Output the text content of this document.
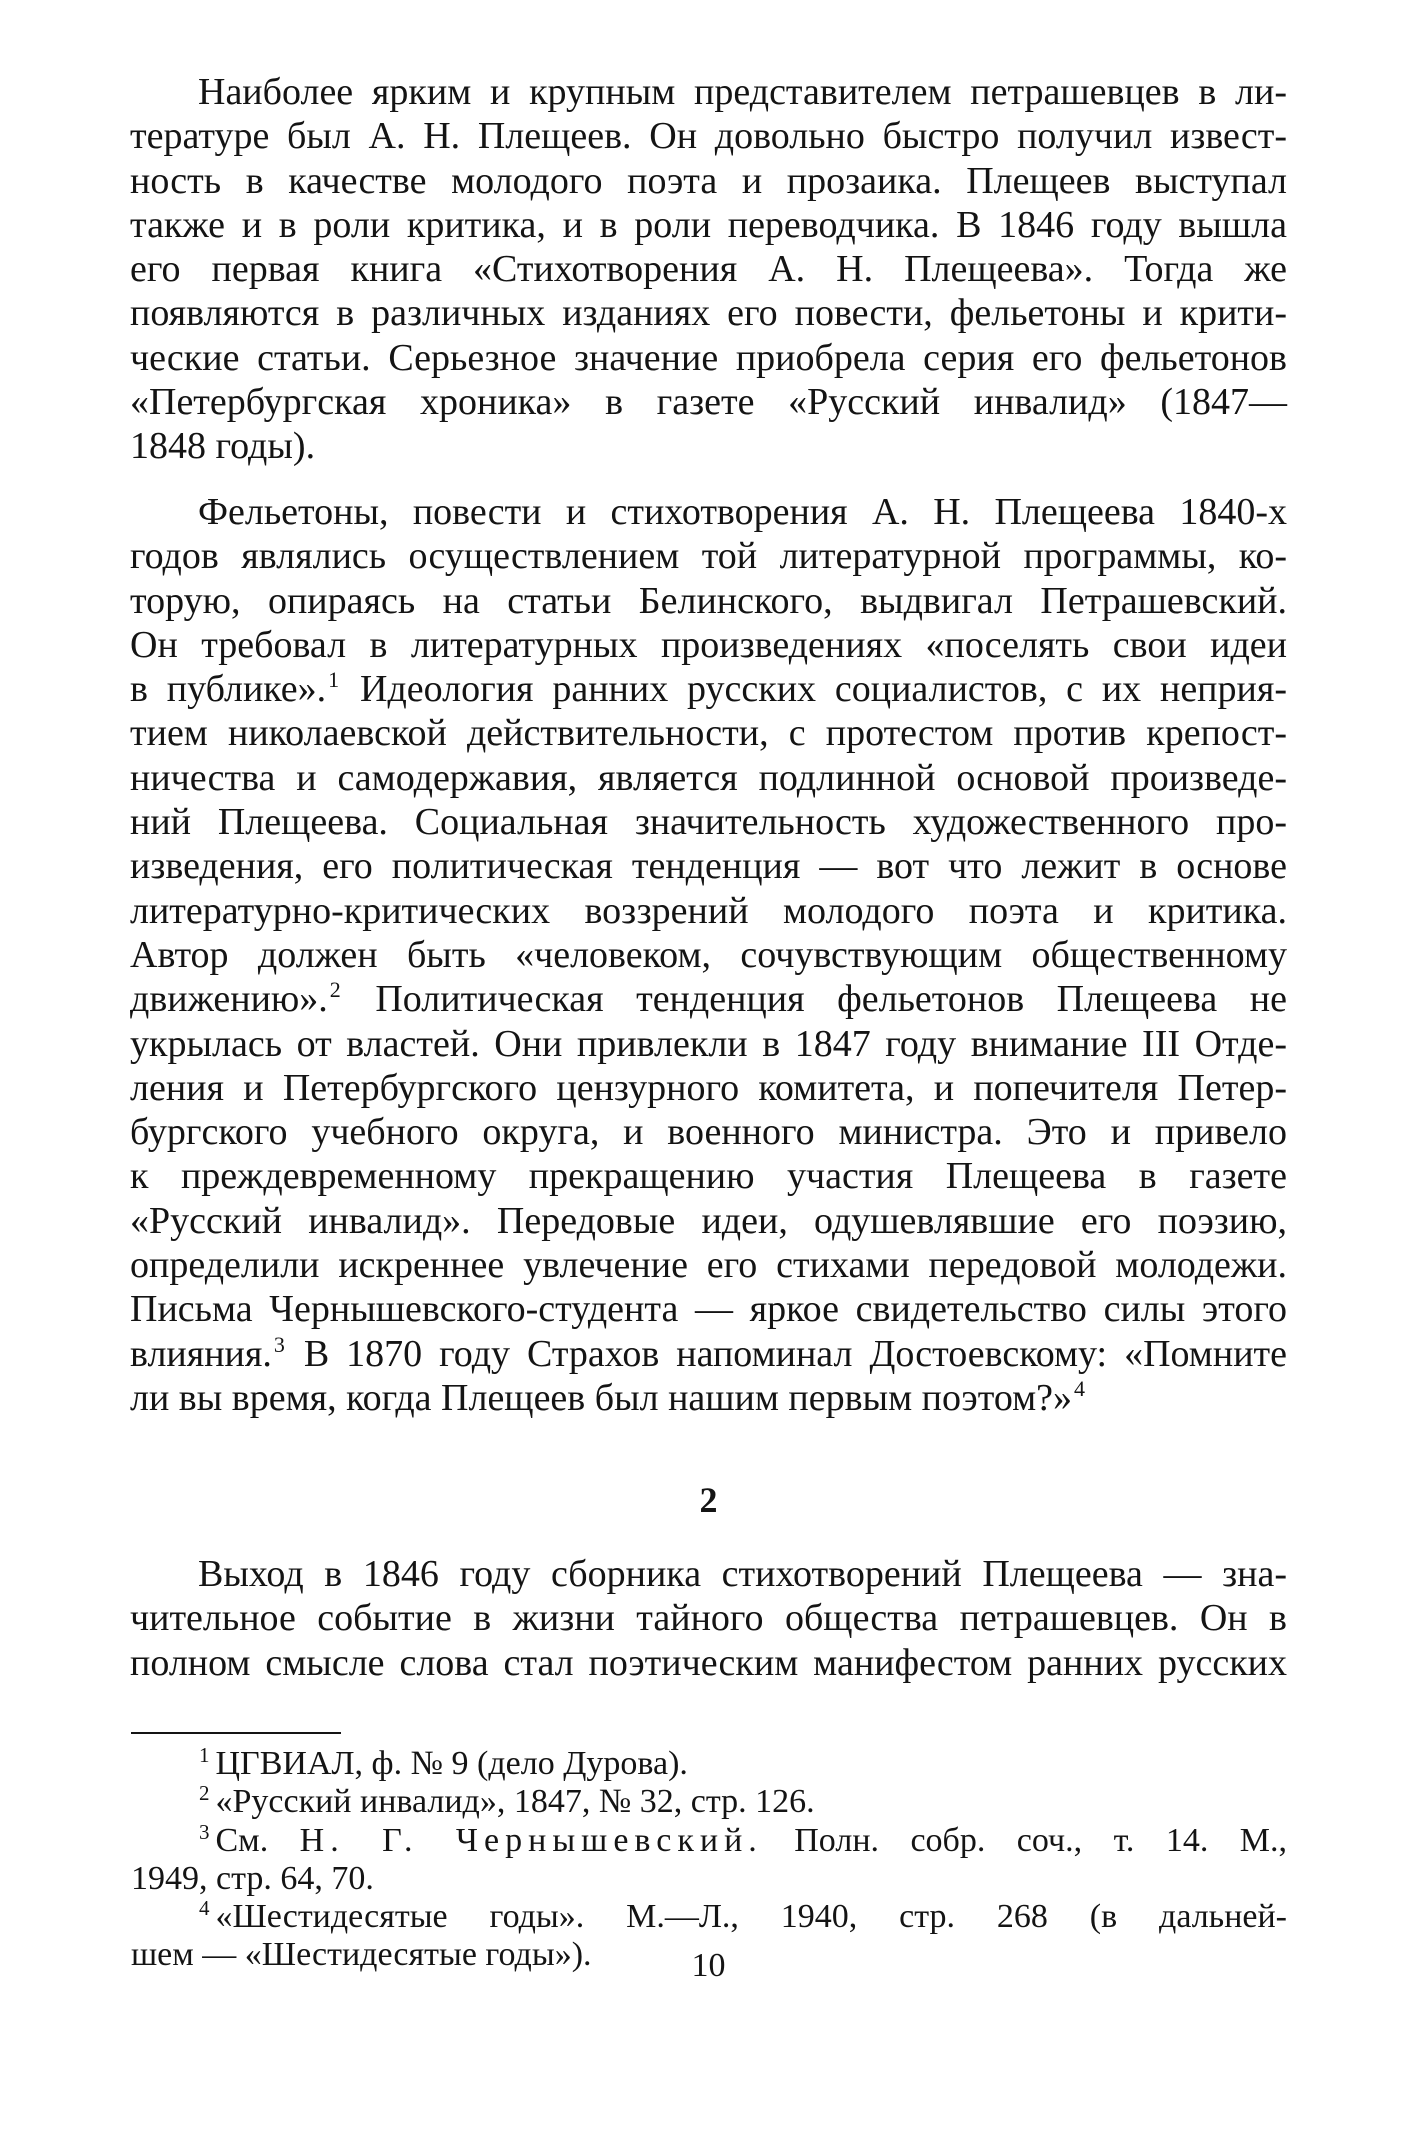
Наиболее ярким и крупным представителем петрашевцев в ли-
тературе был А. Н. Плещеев. Он довольно быстро получил извест-
ность в качестве молодого поэта и прозаика. Плещеев выступал
также и в роли критика, и в роли переводчика. В 1846 году вышла
его первая книга «Стихотворения А. Н. Плещеева». Тогда же
появляются в различных изданиях его повести, фельетоны и крити-
ческие статьи. Серьезное значение приобрела серия его фельетонов
«Петербургская хроника» в газете «Русский инвалид» (1847—
1848 годы).
Фельетоны, повести и стихотворения А. Н. Плещеева 1840-х
годов являлись осуществлением той литературной программы, ко-
торую, опираясь на статьи Белинского, выдвигал Петрашевский.
Он требовал в литературных произведениях «поселять свои идеи
в публике».$^1$ Идеология ранних русских социалистов, с их неприя-
тием николаевской действительности, с протестом против крепост-
ничества и самодержавия, является подлинной основой произведе-
ний Плещеева. Социальная значительность художественного про-
изведения, его политическая тенденция — вот что лежит в основе
литературно-критических воззрений молодого поэта и критика.
Автор должен быть «человеком, сочувствующим общественному
движению».$^2$ Политическая тенденция фельетонов Плещеева не
укрылась от властей. Они привлекли в 1847 году внимание III Отде-
ления и Петербургского цензурного комитета, и попечителя Петер-
бургского учебного округа, и военного министра. Это и привело
к преждевременному прекращению участия Плещеева в газете
«Русский инвалид». Передовые идеи, одушевлявшие его поэзию,
определили искреннее увлечение его стихами передовой молодежи.
Письма Чернышевского-студента — яркое свидетельство силы этого
влияния.$^3$ В 1870 году Страхов напоминал Достоевскому: «Помните
ли вы время, когда Плещеев был нашим первым поэтом?»$^4$
2
Выход в 1846 году сборника стихотворений Плещеева — зна-
чительное событие в жизни тайного общества петрашевцев. Он в
полном смысле слова стал поэтическим манифестом ранних русских
$^1$ ЦГВИАЛ, ф. № 9 (дело Дурова).
$^2$ «Русский инвалид», 1847, № 32, стр. 126.
$^3$ См. Н. Г. Чернышевский. Полн. собр. соч., т. 14. М.,
1949, стр. 64, 70.
$^4$ «Шестидесятые годы». М.—Л., 1940, стр. 268 (в дальней-
шем — «Шестидесятые годы»).	10
